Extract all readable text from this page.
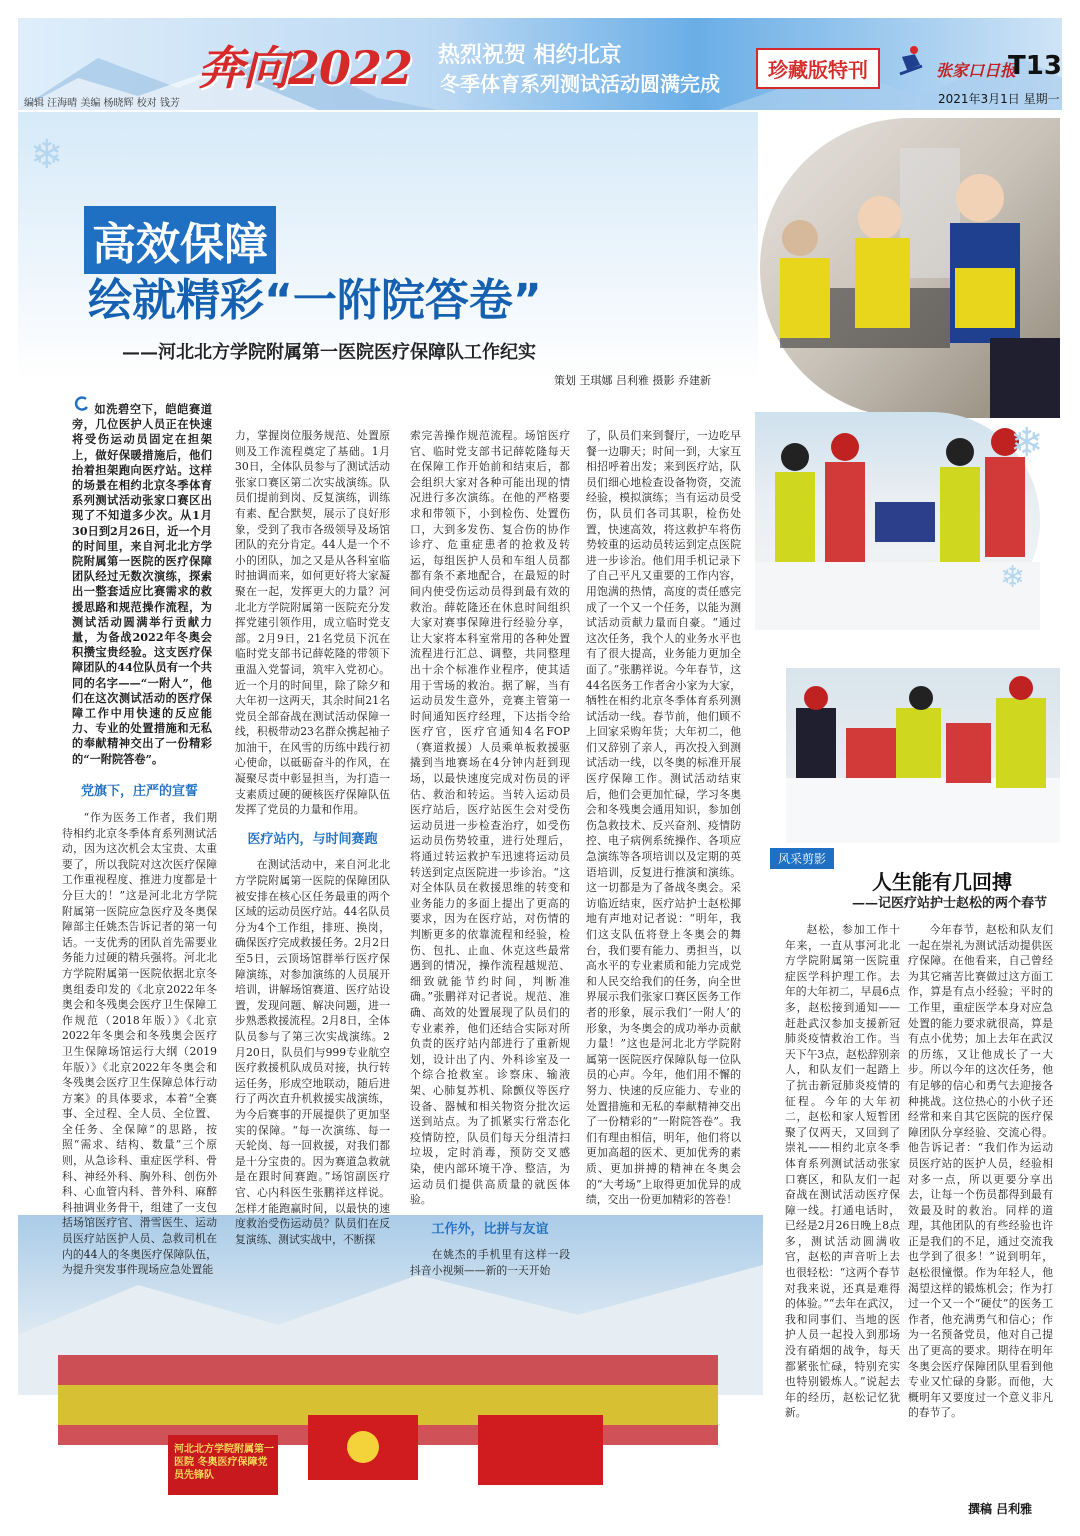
编辑 汪海晴 美编 杨晓辉 校对 钱芳
奔向2022 热烈祝贺 相约北京
冬季体育系列测试活动圆满完成
珍藏版特刊	张家口日报
T13
2021年3月1日 星期一
❄
高效保障
绘就精彩“一附院答卷”
——河北北方学院附属第一医院医疗保障队工作纪实
策划 王琪娜 吕利雅 摄影 乔建新
河北北方学院附属第一医院 冬奥医疗保障党员先锋队

如洗碧空下，皑皑赛道旁，几位医护人员正在快速将受伤运动员固定在担架上，做好保暖措施后，他们抬着担架跑向医疗站。这样的场景在相约北京冬季体育系列测试活动张家口赛区出现了不知道多少次。从1月30日到2月26日，近一个月的时间里，来自河北北方学院附属第一医院的医疗保障团队经过无数次演练，探索出一整套适应比赛需求的救援思路和规范操作流程，为测试活动圆满举行贡献力量，为备战2022年冬奥会积攒宝贵经验。这支医疗保障团队的44位队员有一个共同的名字——“一附人”，他们在这次测试活动的医疗保障工作中用快速的反应能力、专业的处置措施和无私的奉献精神交出了一份精彩的“一附院答卷”。

党旗下，庄严的宣誓

“作为医务工作者，我们期待相约北京冬季体育系列测试活动，因为这次机会太宝贵、太重要了，所以我院对这次医疗保障工作重视程度、推进力度都是十分巨大的！”这是河北北方学院附属第一医院应急医疗及冬奥保障部主任姚杰告诉记者的第一句话。一支优秀的团队首先需要业务能力过硬的精兵强将。河北北方学院附属第一医院依据北京冬奥组委印发的《北京2022年冬奥会和冬残奥会医疗卫生保障工作规范（2018年版）》《北京2022年冬奥会和冬残奥会医疗卫生保障场馆运行大纲（2019年版）》《北京2022年冬奥会和冬残奥会医疗卫生保障总体行动方案》的具体要求，本着“全赛事、全过程、全人员、全位置、全任务、全保障”的思路，按照“需求、结构、数量”三个原则，从急诊科、重症医学科、骨科、神经外科、胸外科、创伤外科、心血管内科、普外科、麻醉科抽调业务骨干，组建了一支包括场馆医疗官、滑雪医生、运动员医疗站医护人员、急救司机在内的44人的冬奥医疗保障队伍，为提升突发事件现场应急处置能

力，掌握岗位服务规范、处置原则及工作流程奠定了基础。1月30日，全体队员参与了测试活动张家口赛区第二次实战演练。队员们提前到岗、反复演练，训练有素、配合默契，展示了良好形象，受到了我市各级领导及场馆团队的充分肯定。44人是一个不小的团队，加之又是从各科室临时抽调而来，如何更好将大家凝聚在一起，发挥更大的力量？河北北方学院附属第一医院充分发挥党建引领作用，成立临时党支部。2月9日，21名党员下沉在临时党支部书记薛乾隆的带领下重温入党誓词，筑牢入党初心。近一个月的时间里，除了除夕和大年初一这两天，其余时间21名党员全部奋战在测试活动保障一线，积极带动23名群众携起袖子加油干，在风雪的历练中践行初心使命，以砥砺奋斗的作风，在凝聚尽责中彰显担当，为打造一支素质过硬的硬核医疗保障队伍发挥了党员的力量和作用。

医疗站内，与时间赛跑

在测试活动中，来自河北北方学院附属第一医院的保障团队被安排在核心区任务最重的两个区域的运动员医疗站。44名队员分为4个工作组，排班、换岗，确保医疗完成救援任务。2月2日至5日，云顶场馆群举行医疗保障演练，对参加演练的人员展开培训，讲解场馆赛道、医疗站设置，发现问题、解决问题，进一步熟悉救援流程。2月8日，全体队员参与了第三次实战演练。2月20日，队员们与999专业航空医疗救援机队成员对接，执行转运任务，形成空地联动，随后进行了两次直升机救援实战演练，为今后赛事的开展提供了更加坚实的保障。“每一次演练、每一天轮岗、每一回救援，对我们都是十分宝贵的。因为赛道急救就是在跟时间赛跑。”场馆副医疗官、心内科医生张鹏祥这样说。怎样才能跑赢时间，以最快的速度救治受伤运动员？队员们在反复演练、测试实战中，不断探

索完善操作规范流程。场馆医疗官、临时党支部书记薛乾隆每天在保障工作开始前和结束后，都会组织大家对各种可能出现的情况进行多次演练。在他的严格要求和带领下，小到检伤、处置伤口，大到多发伤、复合伤的协作诊疗、危重症患者的抢救及转运，每组医护人员和车组人员都都有条不紊地配合，在最短的时间内使受伤运动员得到最有效的救治。薛乾隆还在休息时间组织大家对赛事保障进行经验分享，让大家将本科室常用的各种处置流程进行汇总、调整，共同整理出十余个标准作业程序，使其适用于雪场的救治。据了解，当有运动员发生意外，竞赛主管第一时间通知医疗经理，下达指令给医疗官，医疗官通知4名FOP（赛道救援）人员乘单板救援驱撬到当地赛场在4分钟内赶到现场，以最快速度完成对伤员的评估、救治和转运。当转入运动员医疗站后，医疗站医生会对受伤运动员进一步检查治疗，如受伤运动员伤势较重，进行处理后，将通过转运救护车迅速将运动员转送到定点医院进一步诊治。“这对全体队员在救援思维的转变和业务能力的多面上提出了更高的要求，因为在医疗站，对伤情的判断更多的依靠流程和经验，检伤、包扎、止血、休克这些最常遇到的情况，操作流程越规范、细致就能节约时间，判断准确。”张鹏祥对记者说。规范、准确、高效的处置展现了队员们的专业素养，他们还结合实际对所负责的医疗站内部进行了重新规划，设计出了内、外科诊室及一个综合抢救室。诊察床、输液架、心肺复苏机、除颤仪等医疗设备、器械和相关物资分批次运送到站点。为了抓紧实行常态化疫情防控，队员们每天分组清扫垃圾，定时消毒，预防交叉感染，使内部环境干净、整洁，为运动员们提供高质量的就医体验。

工作外，比拼与友谊

在姚杰的手机里有这样一段抖音小视频——新的一天开始

了，队员们来到餐厅，一边吃早餐一边聊天；时间一到，大家互相招呼着出发；来到医疗站，队员们细心地检查设备物资，交流经验，模拟演练；当有运动员受伤，队员们各司其职，检伤处置，快速高效，将这救护车将伤势较重的运动员转运到定点医院进一步诊治。他们用手机记录下了自己平凡又重要的工作内容，用饱满的热情，高度的责任感完成了一个又一个任务，以能为测试活动贡献力量而自豪。“通过这次任务，我个人的业务水平也有了很大提高，业务能力更加全面了。”张鹏祥说。今年春节，这44名医务工作者舍小家为大家，牺牲在相约北京冬季体育系列测试活动一线。春节前，他们顾不上回家采购年货；大年初二，他们又辞别了亲人，再次投入到测试活动一线，以冬奥的标准开展医疗保障工作。测试活动结束后，他们会更加忙碌，学习冬奥会和冬残奥会通用知识，参加创伤急救技术、反兴奋剂、疫情防控、电子病例系统操作、各项应急演练等各项培训以及定期的英语培训，反复进行推演和演练。这一切都是为了备战冬奥会。采访临近结束，医疗站护士赵松揶地有声地对记者说：“明年，我们这支队伍将登上冬奥会的舞台，我们要有能力、勇担当，以高水平的专业素质和能力完成党和人民交给我们的任务，向全世界展示我们张家口赛区医务工作者的形象，展示我们‘一附人’的形象，为冬奥会的成功举办贡献力量！”这也是河北北方学院附属第一医院医疗保障队每一位队员的心声。今年，他们用不懈的努力、快速的反应能力、专业的处置措施和无私的奉献精神交出了一份精彩的“一附院答卷”。我们有理由相信，明年，他们将以更加高超的医术、更加优秀的素质、更加拼搏的精神在冬奥会的“大考场”上取得更加优异的成绩，交出一份更加精彩的答卷！

❄
❄
风采剪影
人生能有几回搏
——记医疗站护士赵松的两个春节

赵松，参加工作十年来，一直从事河北北方学院附属第一医院重症医学科护理工作。去年的大年初二，早晨6点多，赵松接到通知——赶赴武汉参加支援新冠肺炎疫情救治工作。当天下午3点，赵松辞别亲人，和队友们一起踏上了抗击新冠肺炎疫情的征程。今年的大年初二，赵松和家人短暂团聚了仅两天，又回到了崇礼——相约北京冬季体育系列测试活动张家口赛区，和队友们一起奋战在测试活动医疗保障一线。打通电话时，已经是2月26日晚上8点多，测试活动圆满收官，赵松的声音听上去也很轻松：“这两个春节对我来说，还真是难得的体验。”“去年在武汉，我和同事们、当地的医护人员一起投入到那场没有硝烟的战争，每天都紧张忙碌，特别充实也特别锻炼人。”说起去年的经历，赵松记忆犹新。

今年春节，赵松和队友们一起在崇礼为测试活动提供医疗保障。在他看来，自己曾经为其它痛苦比赛做过这方面工作，算是有点小经验；平时的工作里，重症医学本身对应急处置的能力要求就很高，算是有点小优势；加上去年在武汉的历练，又让他成长了一大步。所以今年的这次任务，他有足够的信心和勇气去迎接各种挑战。这位热心的小伙子还经常和来自其它医院的医疗保障团队分享经验、交流心得。他告诉记者：“我们作为运动员医疗站的医护人员，经验相对多一点，所以更要分享出去，让每一个伤员都得到最有效最及时的救治。同样的道理，其他团队的有些经验也许正是我们的不足，通过交流我也学到了很多！”说到明年，赵松很憧憬。作为年轻人，他渴望这样的锻炼机会；作为打过一个又一个“硬仗”的医务工作者，他充满勇气和信心；作为一名预备党员，他对自己提出了更高的要求。期待在明年冬奥会医疗保障团队里看到他专业又忙碌的身影。而他，大概明年又要度过一个意义非凡的春节了。

撰稿 吕利雅
